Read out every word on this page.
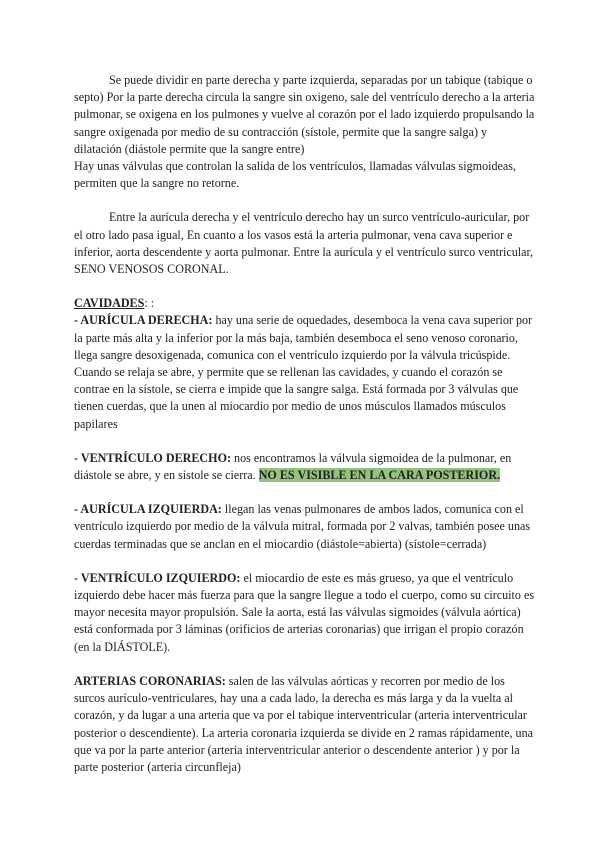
Se puede dividir en parte derecha y parte izquierda, separadas por un tabique (tabique o septo) Por la parte derecha circula la sangre sin oxigeno, sale del ventrículo derecho a la arteria pulmonar, se oxigena en los pulmones y vuelve al corazón por el lado izquierdo propulsando la sangre oxigenada por medio de su contracción (sístole, permite que la sangre salga) y dilatación (diástole permite que la sangre entre)

Hay unas válvulas que controlan la salida de los ventrículos, llamadas válvulas sigmoideas, permiten que la sangre no retorne.

Entre la aurícula derecha y el ventrículo derecho hay un surco ventrículo-auricular, por el otro lado pasa igual, En cuanto a los vasos está la arteria pulmonar, vena cava superior e inferior, aorta descendente y aorta pulmonar. Entre la aurícula y el ventrículo surco ventricular, SENO VENOSOS CORONAL.

CAVIDADES: :

- AURÍCULA DERECHA: hay una serie de oquedades, desemboca la vena cava superior por la parte más alta y la inferior por la más baja, también desemboca el seno venoso coronario, llega sangre desoxigenada, comunica con el ventrículo izquierdo por la válvula tricúspide. Cuando se relaja se abre, y permite que se rellenan las cavidades, y cuando el corazón se contrae en la sístole, se cierra e impide que la sangre salga. Está formada por 3 válvulas que tienen cuerdas, que la unen al miocardio por medio de unos músculos llamados músculos papilares

- VENTRÍCULO DERECHO: nos encontramos la válvula sigmoidea de la pulmonar, en diástole se abre, y en sístole se cierra. NO ES VISIBLE EN LA CARA POSTERIOR.

- AURÍCULA IZQUIERDA: llegan las venas pulmonares de ambos lados, comunica con el ventrículo izquierdo por medio de la válvula mitral, formada por 2 valvas, también posee unas cuerdas terminadas que se anclan en el miocardio (diástole=abierta) (sístole=cerrada)

- VENTRÍCULO IZQUIERDO: el miocardio de este es más grueso, ya que el ventrículo izquierdo debe hacer más fuerza para que la sangre llegue a todo el cuerpo, como su circuito es mayor necesita mayor propulsión. Sale la aorta, está las válvulas sigmoides (válvula aórtica) está conformada por 3 láminas (orificios de arterias coronarias) que irrigan el propio corazón (en la DIÁSTOLE).

ARTERIAS CORONARIAS: salen de las válvulas aórticas y recorren por medio de los surcos aurículo-ventriculares, hay una a cada lado, la derecha es más larga y da la vuelta al corazón, y da lugar a una arteria que va por el tabique interventricular (arteria interventricular posterior o descendiente). La arteria coronaria izquierda se divide en 2 ramas rápidamente, una que va por la parte anterior (arteria interventricular anterior o descendente anterior ) y por la parte posterior (arteria circunfleja)
